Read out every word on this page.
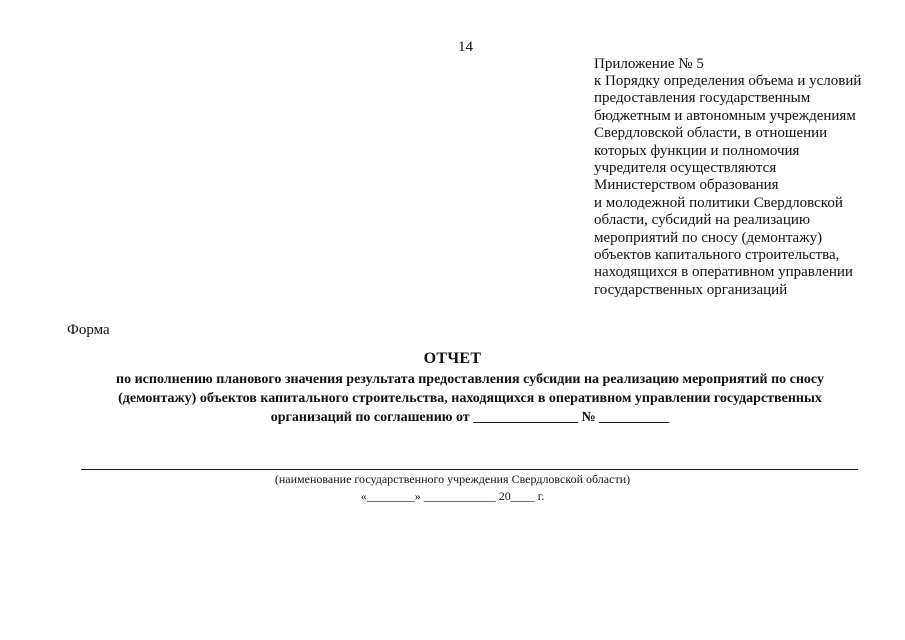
14
Приложение № 5
к Порядку определения объема и условий
предоставления государственным
бюджетным и автономным учреждениям
Свердловской области, в отношении
которых функции и полномочия
учредителя осуществляются
Министерством образования
и молодежной политики Свердловской
области, субсидий на реализацию
мероприятий по сносу (демонтажу)
объектов капитального строительства,
находящихся в оперативном управлении
государственных организаций
Форма
ОТЧЕТ
по исполнению планового значения результата предоставления субсидии на реализацию мероприятий по сносу
(демонтажу) объектов капитального строительства, находящихся в оперативном управлении государственных
организаций по соглашению от _______________ № __________
(наименование государственного учреждения Свердловской области)
«________» ____________ 20____ г.
